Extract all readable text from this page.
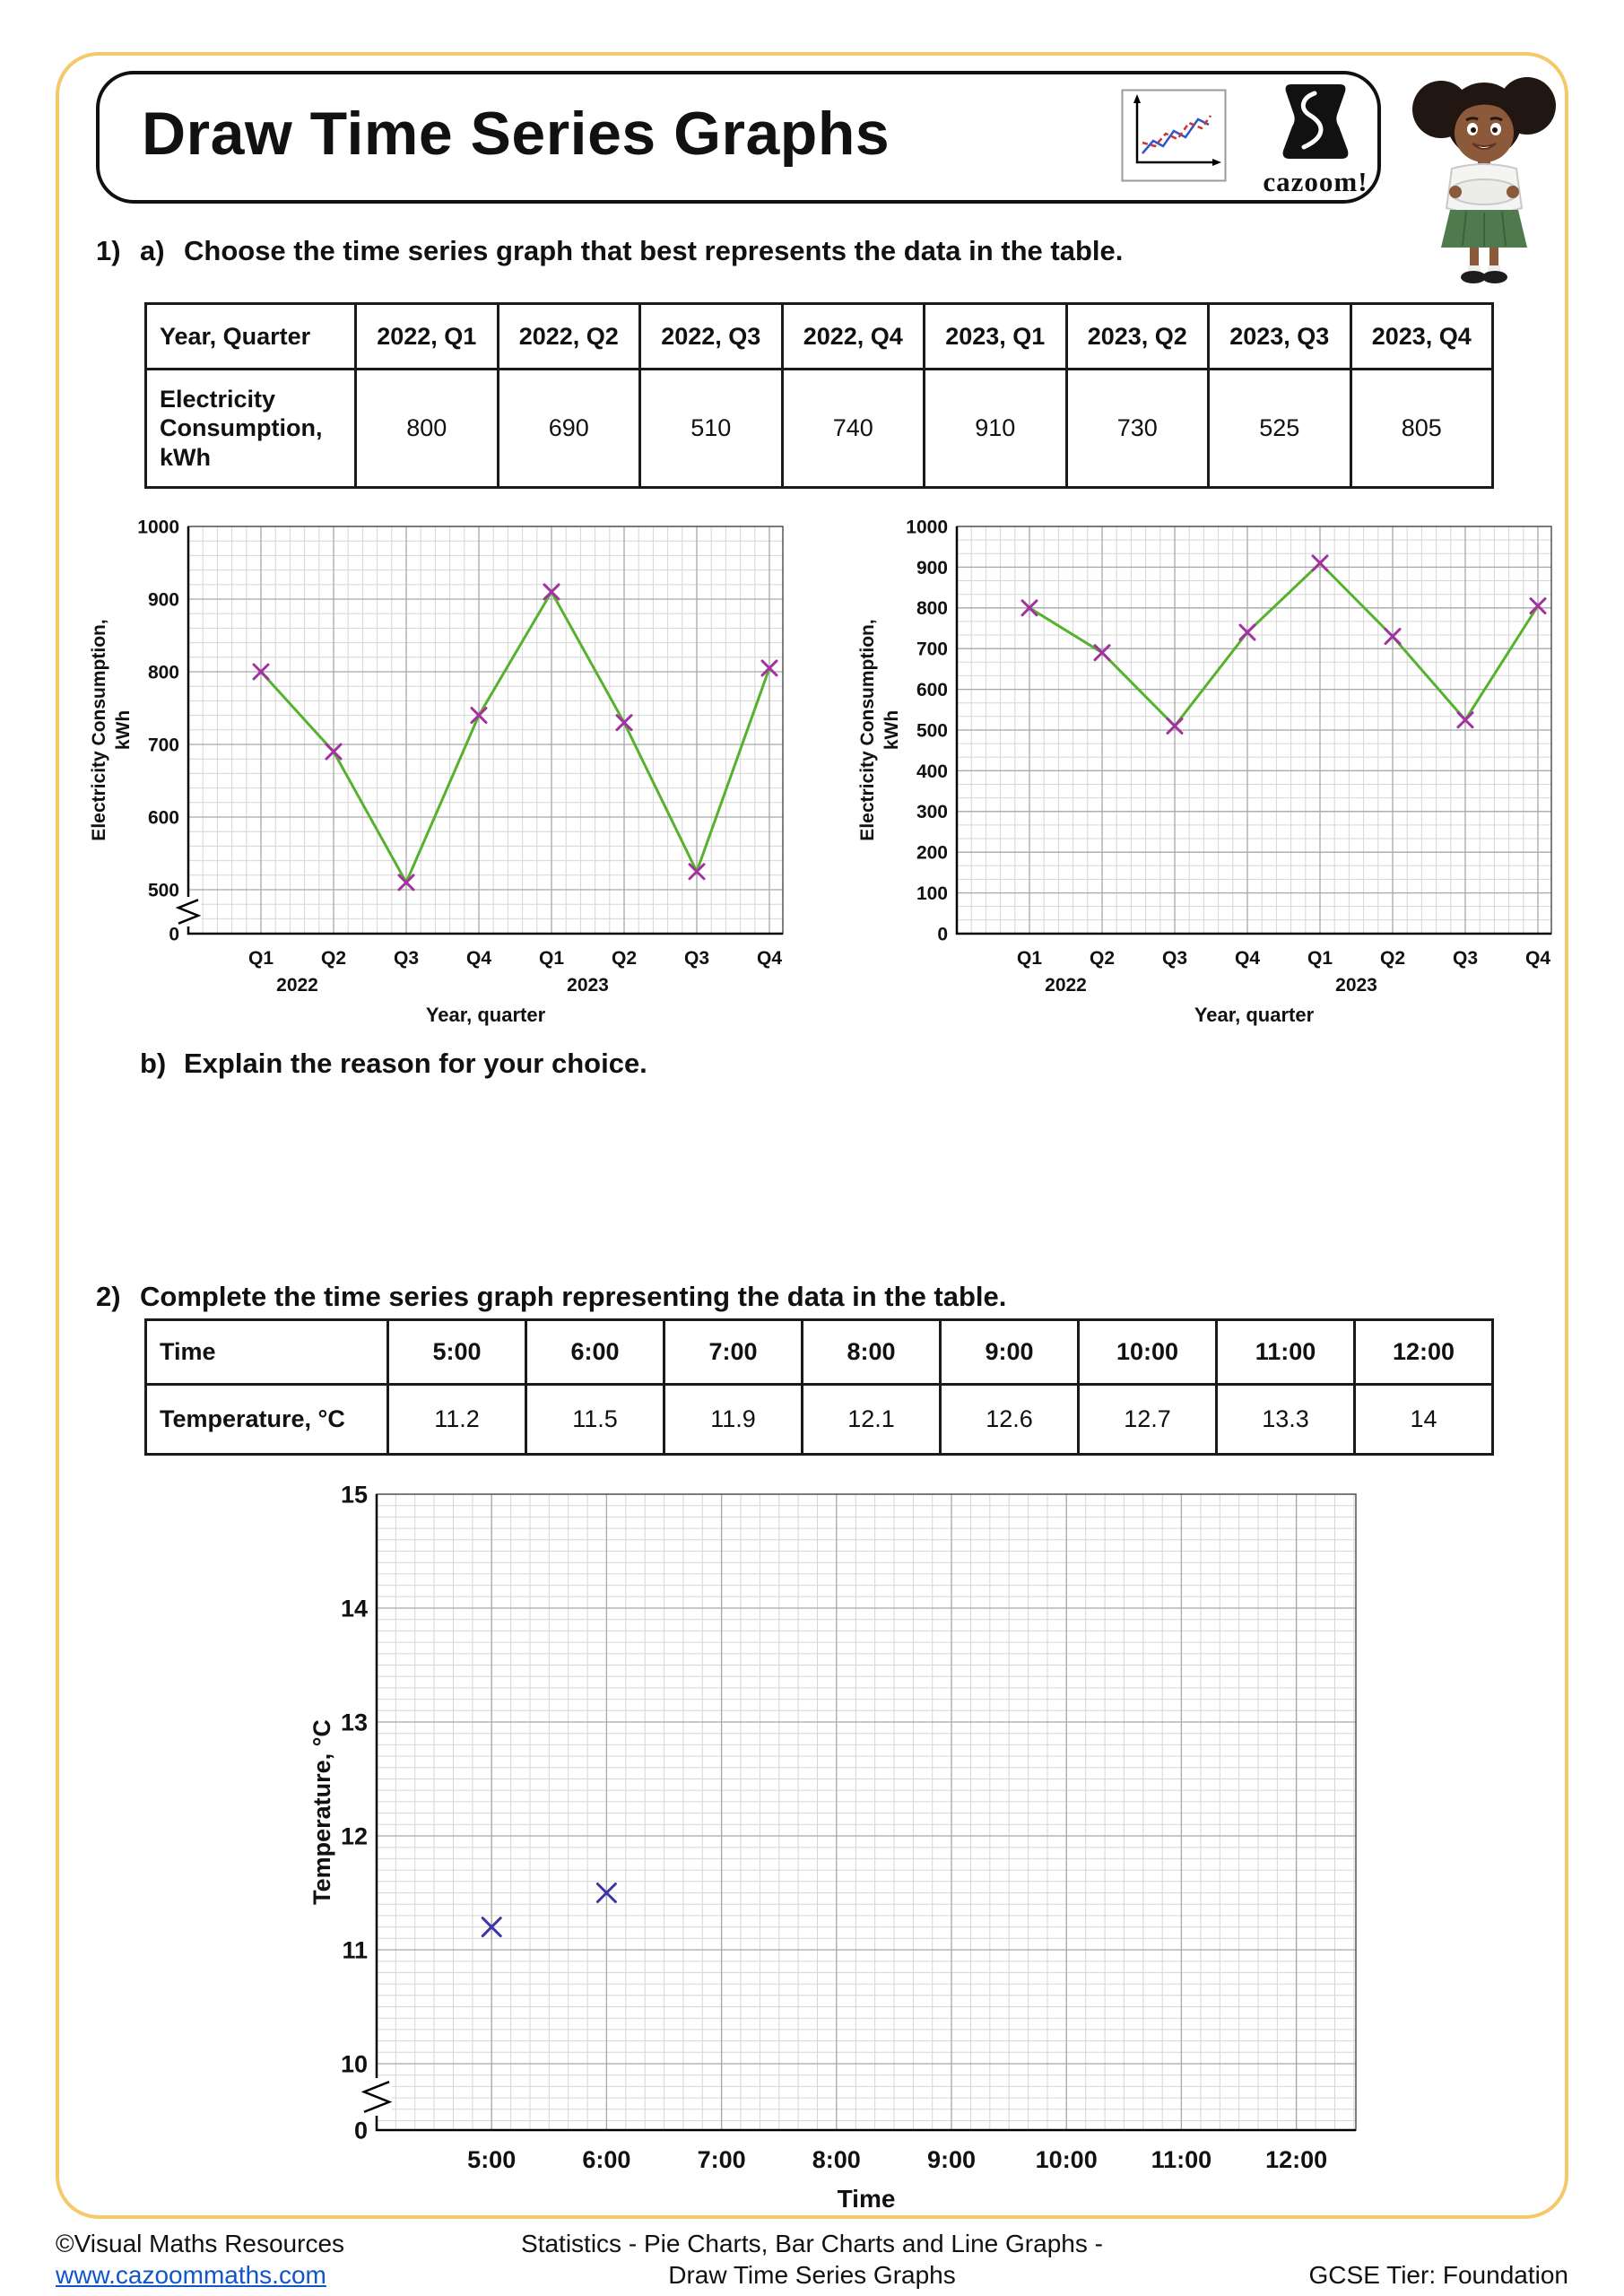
Draw Time Series Graphs
cazoom!
1) a) Choose the time series graph that best represents the data in the table.
Year, Quarter	2022, Q1	2022, Q2	2022, Q3	2022, Q4	2023, Q1	2023, Q2	2023, Q3	2023, Q4
Electricity Consumption, kWh	800	690	510	740	910	730	525	805
500
600
700
800
900
1000
0
Q1	Q2	Q3	Q4	Q1	Q2	Q3	Q4
2022	2023
Year, quarter
Electricity Consumption, kWh
100
200
300
400
500
600
700
800
900
1000
0
Q1	Q2	Q3	Q4	Q1	Q2	Q3	Q4
2022	2023
Year, quarter
Electricity Consumption, kWh
b) Explain the reason for your choice.
2) Complete the time series graph representing the data in the table.
Time	5:00	6:00	7:00	8:00	9:00	10:00	11:00	12:00
Temperature, °C	11.2	11.5	11.9	12.1	12.6	12.7	13.3	14
10
11
12
13
14
15
0
5:00	6:00	7:00	8:00	9:00 10:00 11:00 12:00
Time
Temperature, °C
©Visual Maths Resources
www.cazoommaths.com
Statistics - Pie Charts, Bar Charts and Line Graphs -
Draw Time Series Graphs	GCSE Tier: Foundation
